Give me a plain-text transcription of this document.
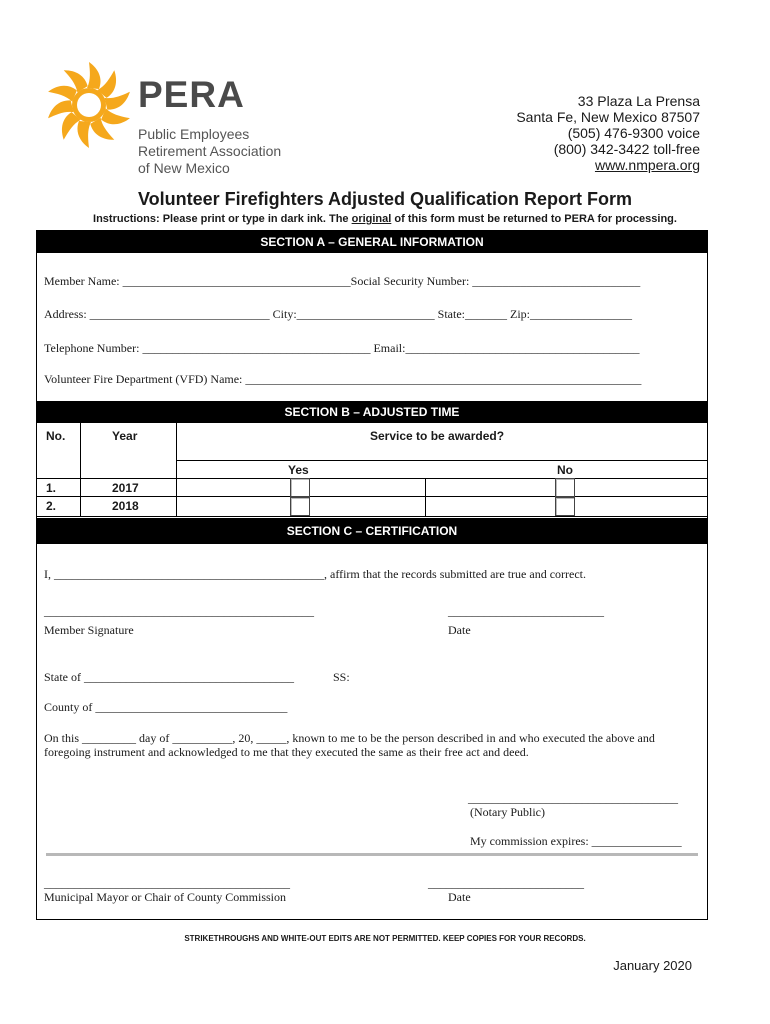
PERA
Public Employees
Retirement Association
of New Mexico
33 Plaza La Prensa
Santa Fe, New Mexico 87507
(505) 476-9300 voice
(800) 342-3422 toll-free
www.nmpera.org
Volunteer Firefighters Adjusted Qualification Report Form
Instructions: Please print or type in dark ink. The original of this form must be returned to PERA for processing.
SECTION A – GENERAL INFORMATION
Member Name: ______________________________________Social Security Number: ____________________________
Address: ______________________________ City:_______________________ State:_______ Zip:_________________
Telephone Number: ______________________________________ Email:_______________________________________
Volunteer Fire Department (VFD) Name: __________________________________________________________________
SECTION B – ADJUSTED TIME
No.	Year	Service to be awarded?
Yes	No
1.	2017
2.	2018
SECTION C – CERTIFICATION
I, _____________________________________________, affirm that the records submitted are true and correct.
_____________________________________________
Member Signature
__________________________
Date
State of ___________________________________	SS:
County of ________________________________
On this _________ day of __________, 20, _____, known to me to be the person described in and who executed the above and
foregoing instrument and acknowledged to me that they executed the same as their free act and deed.
___________________________________
(Notary Public)
My commission expires: _______________
_________________________________________
Municipal Mayor or Chair of County Commission
__________________________
Date
STRIKETHROUGHS AND WHITE-OUT EDITS ARE NOT PERMITTED. KEEP COPIES FOR YOUR RECORDS.
January 2020
